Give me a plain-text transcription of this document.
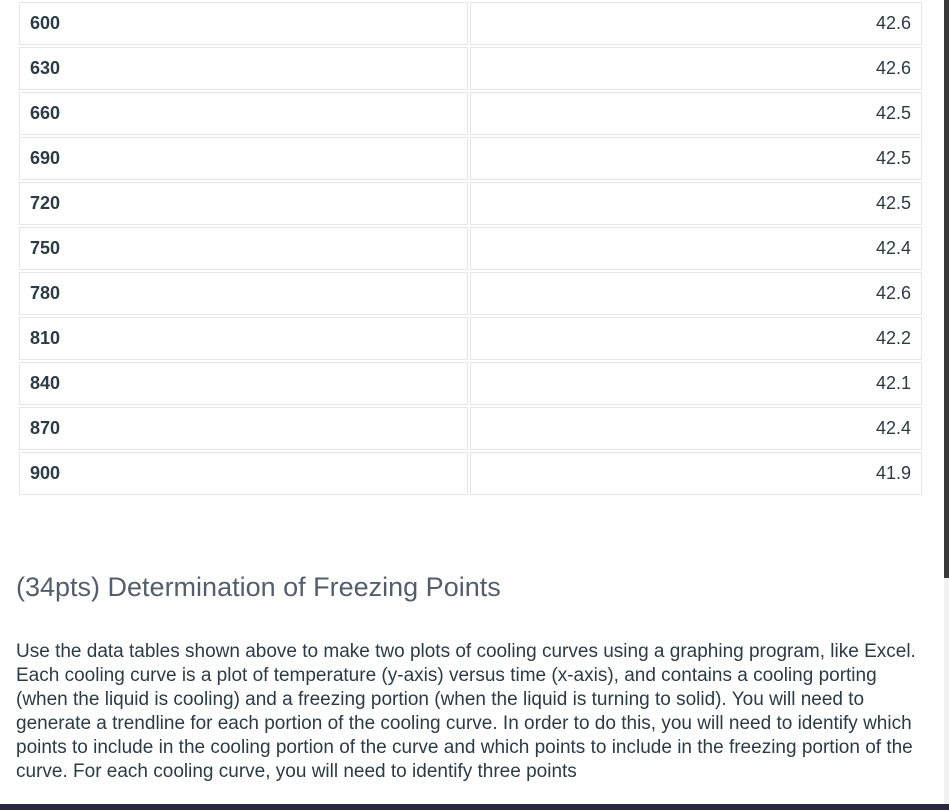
600	42.6
630	42.6
660	42.5
690	42.5
720	42.5
750	42.4
780	42.6
810	42.2
840	42.1
870	42.4
900	41.9
(34pts) Determination of Freezing Points

Use the data tables shown above to make two plots of cooling curves using a graphing program, like Excel. Each cooling curve is a plot of temperature (y-axis) versus time (x-axis), and contains a cooling porting (when the liquid is cooling) and a freezing portion (when the liquid is turning to solid). You will need to generate a trendline for each portion of the cooling curve. In order to do this, you will need to identify which points to include in the cooling portion of the curve and which points to include in the freezing portion of the curve. For each cooling curve, you will need to identify three points
